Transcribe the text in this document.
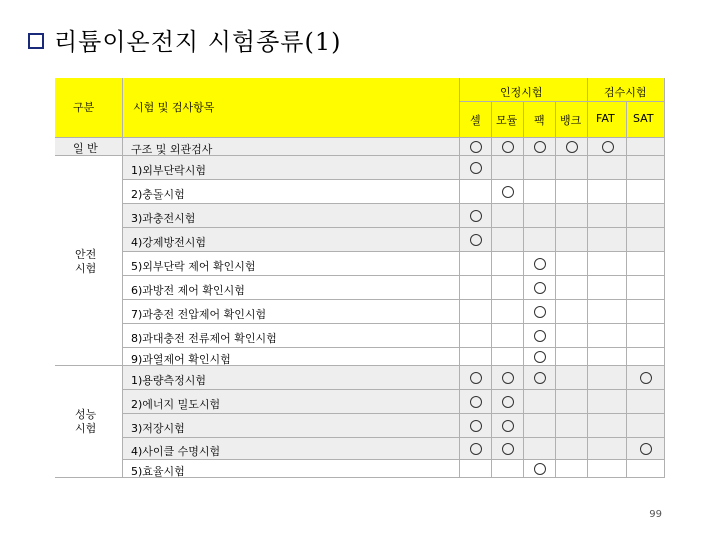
리튬이온전지 시험종류(1)
구분	시험 및 검사항목
인정시험	검수시험
셀 모듈 팩 뱅크 FAT SAT
일 반
안전
시험
성능
시험
구조 및 외관검사
1)외부단락시험
2)충돌시험
3)과충전시험
4)강제방전시험
5)외부단락 제어 확인시험
6)과방전 제어 확인시험
7)과충전 전압제어 확인시험
8)과대충전 전류제어 확인시험
9)과열제어 확인시험
1)용량측정시험
2)에너지 밀도시험
3)저장시험
4)사이클 수명시험
5)효율시험
99
